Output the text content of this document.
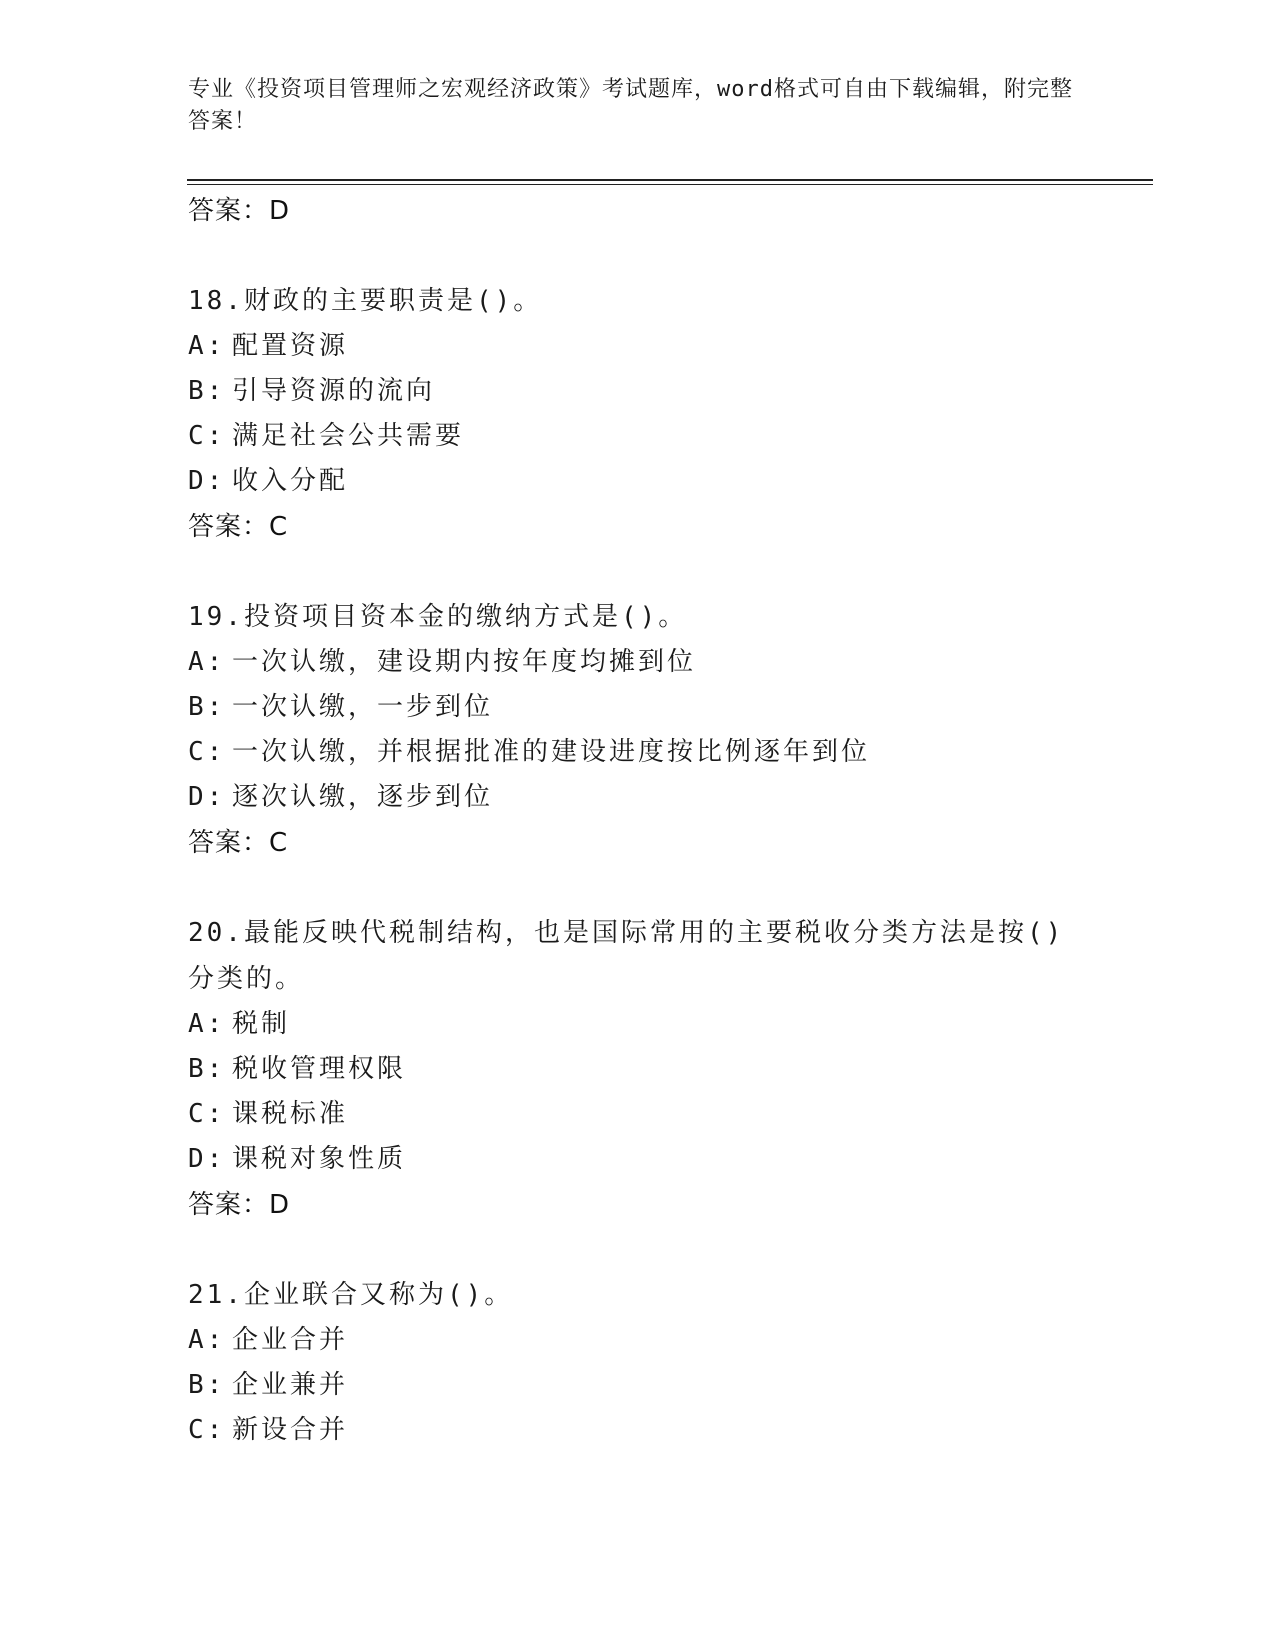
专业《投资项目管理师之宏观经济政策》考试题库，word格式可自由下载编辑，附完整答案！
答案：D
18.财政的主要职责是()。
A: 配置资源
B: 引导资源的流向
C: 满足社会公共需要
D: 收入分配
答案：C
19.投资项目资本金的缴纳方式是()。
A: 一次认缴，建设期内按年度均摊到位
B: 一次认缴，一步到位
C: 一次认缴，并根据批准的建设进度按比例逐年到位
D: 逐次认缴，逐步到位
答案：C
20.最能反映代税制结构，也是国际常用的主要税收分类方法是按()分类的。
A: 税制
B: 税收管理权限
C: 课税标准
D: 课税对象性质
答案：D
21.企业联合又称为()。
A: 企业合并
B: 企业兼并
C: 新设合并
